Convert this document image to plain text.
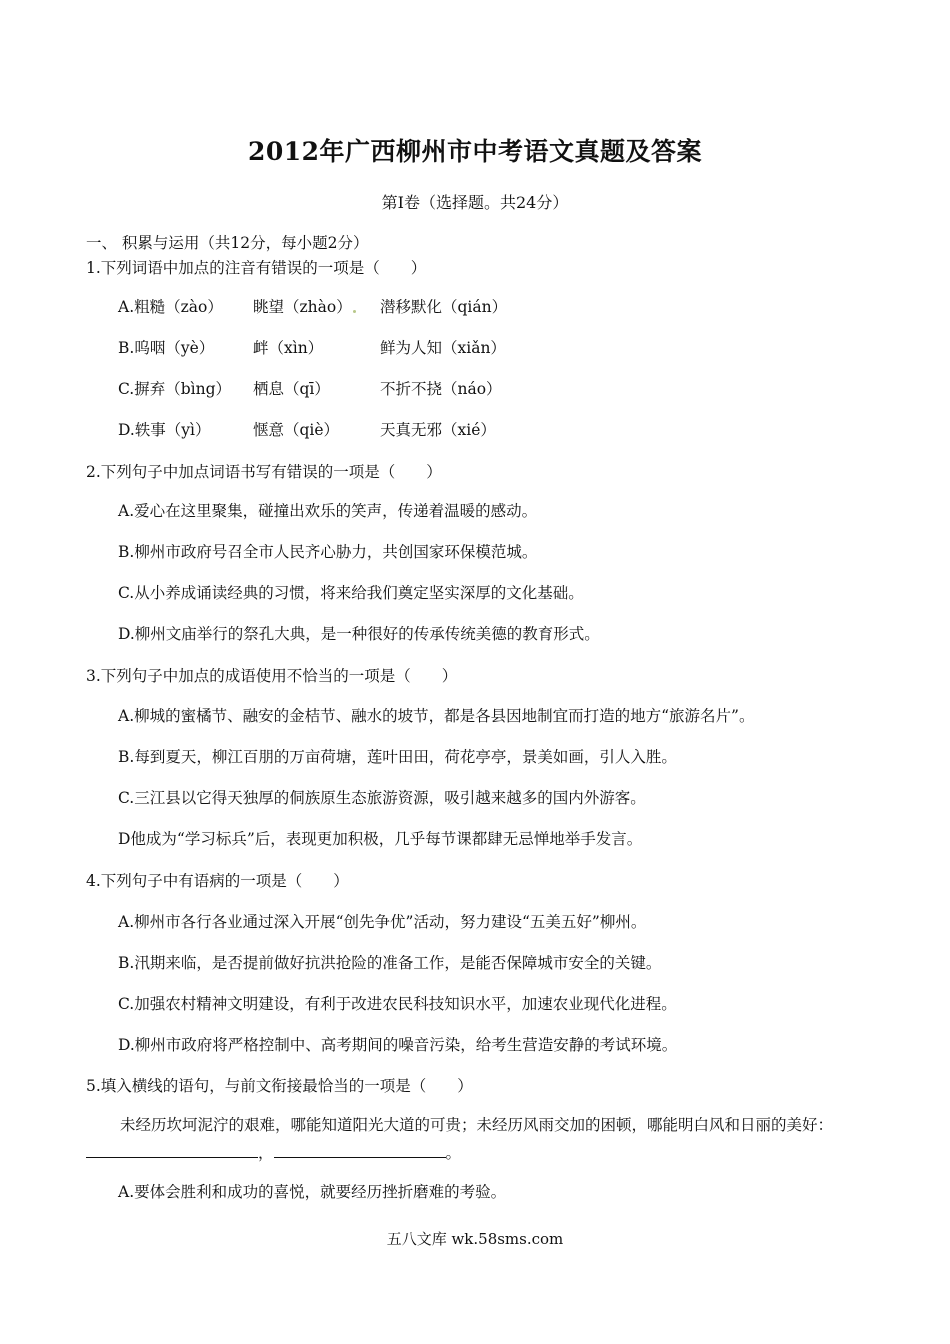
2012年广西柳州市中考语文真题及答案
第Ⅰ卷（选择题。共24分）
一、 积累与运用（共12分，每小题2分）
1.下列词语中加点的注音有错误的一项是（　　）
A.粗糙（zào） 眺望（zhào） 潜移默化（qián）
B.呜咽（yè）	衅（xìn）	鲜为人知（xiǎn）
C.摒弃（bìng） 栖息（qī）	不折不挠（náo）
D.轶事（yì）	惬意（qiè）	天真无邪（xié）
2.下列句子中加点词语书写有错误的一项是（　　）
A.爱心在这里聚集，碰撞出欢乐的笑声，传递着温暖的感动。
B.柳州市政府号召全市人民齐心胁力，共创国家环保模范城。
C.从小养成诵读经典的习惯，将来给我们奠定坚实深厚的文化基础。
D.柳州文庙举行的祭孔大典，是一种很好的传承传统美德的教育形式。
3.下列句子中加点的成语使用不恰当的一项是（　　）
A.柳城的蜜橘节、融安的金桔节、融水的坡节，都是各县因地制宜而打造的地方“旅游名片”。
B.每到夏天，柳江百朋的万亩荷塘，莲叶田田，荷花亭亭，景美如画，引人入胜。
C.三江县以它得天独厚的侗族原生态旅游资源，吸引越来越多的国内外游客。
D他成为“学习标兵”后，表现更加积极，几乎每节课都肆无忌惮地举手发言。
4.下列句子中有语病的一项是（　　）
A.柳州市各行各业通过深入开展“创先争优”活动，努力建设“五美五好”柳州。
B.汛期来临，是否提前做好抗洪抢险的准备工作，是能否保障城市安全的关键。
C.加强农村精神文明建设，有利于改进农民科技知识水平，加速农业现代化进程。
D.柳州市政府将严格控制中、高考期间的噪音污染，给考生营造安静的考试环境。
5.填入横线的语句，与前文衔接最恰当的一项是（　　）
未经历坎坷泥泞的艰难，哪能知道阳光大道的可贵；未经历风雨交加的困顿，哪能明白风和日丽的美好：，	。
A.要体会胜利和成功的喜悦，就要经历挫折磨难的考验。
五八文库 wk.58sms.com
